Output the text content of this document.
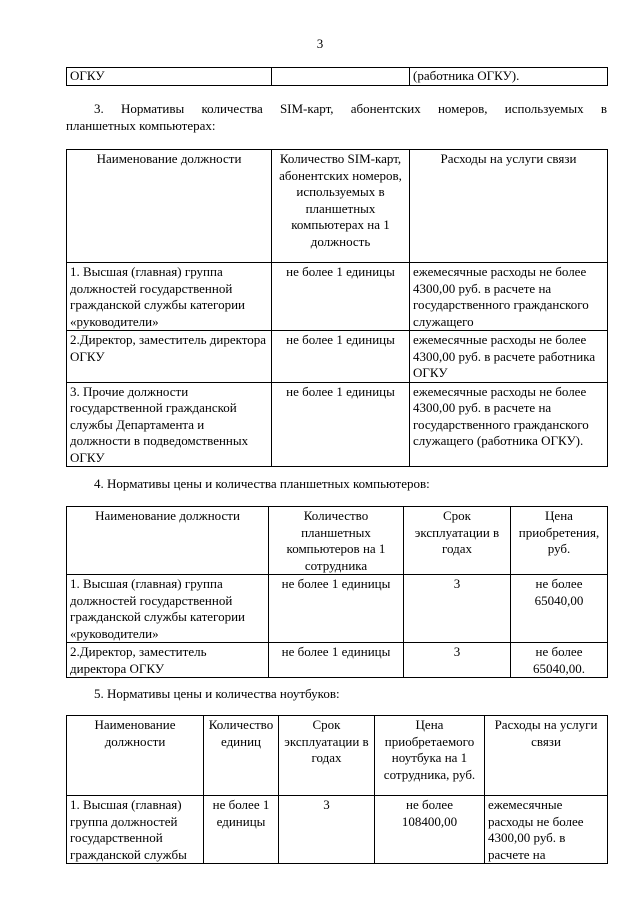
3
ОГКУ		(работника ОГКУ).
3. Нормативы количества SIM-карт, абонентских номеров, используемых в
планшетных компьютерах:
Наименование должности	Количество SIM-карт, абонентских номеров, используемых в планшетных компьютерах на 1 должность	Расходы на услуги связи
1. Высшая (главная) группа должностей государственной гражданской службы категории «руководители»	не более 1 единицы	ежемесячные расходы не более 4300,00 руб. в расчете на государственного гражданского служащего
2.Директор, заместитель директора ОГКУ	не более 1 единицы	ежемесячные расходы не более 4300,00 руб. в расчете работника ОГКУ
3. Прочие должности государственной гражданской службы Департамента и должности в подведомственных ОГКУ	не более 1 единицы	ежемесячные расходы не более 4300,00 руб. в расчете на государственного гражданского служащего (работника ОГКУ).
4. Нормативы цены и количества планшетных компьютеров:
Наименование должности	Количество планшетных компьютеров на 1 сотрудника	Срок эксплуатации в годах	Цена приобретения, руб.
1. Высшая (главная) группа должностей государственной гражданской службы категории «руководители»	не более 1 единицы	3	не более 65040,00
2.Директор, заместитель директора ОГКУ	не более 1 единицы	3	не более 65040,00.
5. Нормативы цены и количества ноутбуков:
Наименование должности	Количество единиц	Срок эксплуатации в годах	Цена приобретаемого ноутбука на 1 сотрудника, руб.	Расходы на услуги связи
1. Высшая (главная) группа должностей государственной гражданской службы	не более 1 единицы	3	не более 108400,00	ежемесячные расходы не более 4300,00 руб. в расчете на
